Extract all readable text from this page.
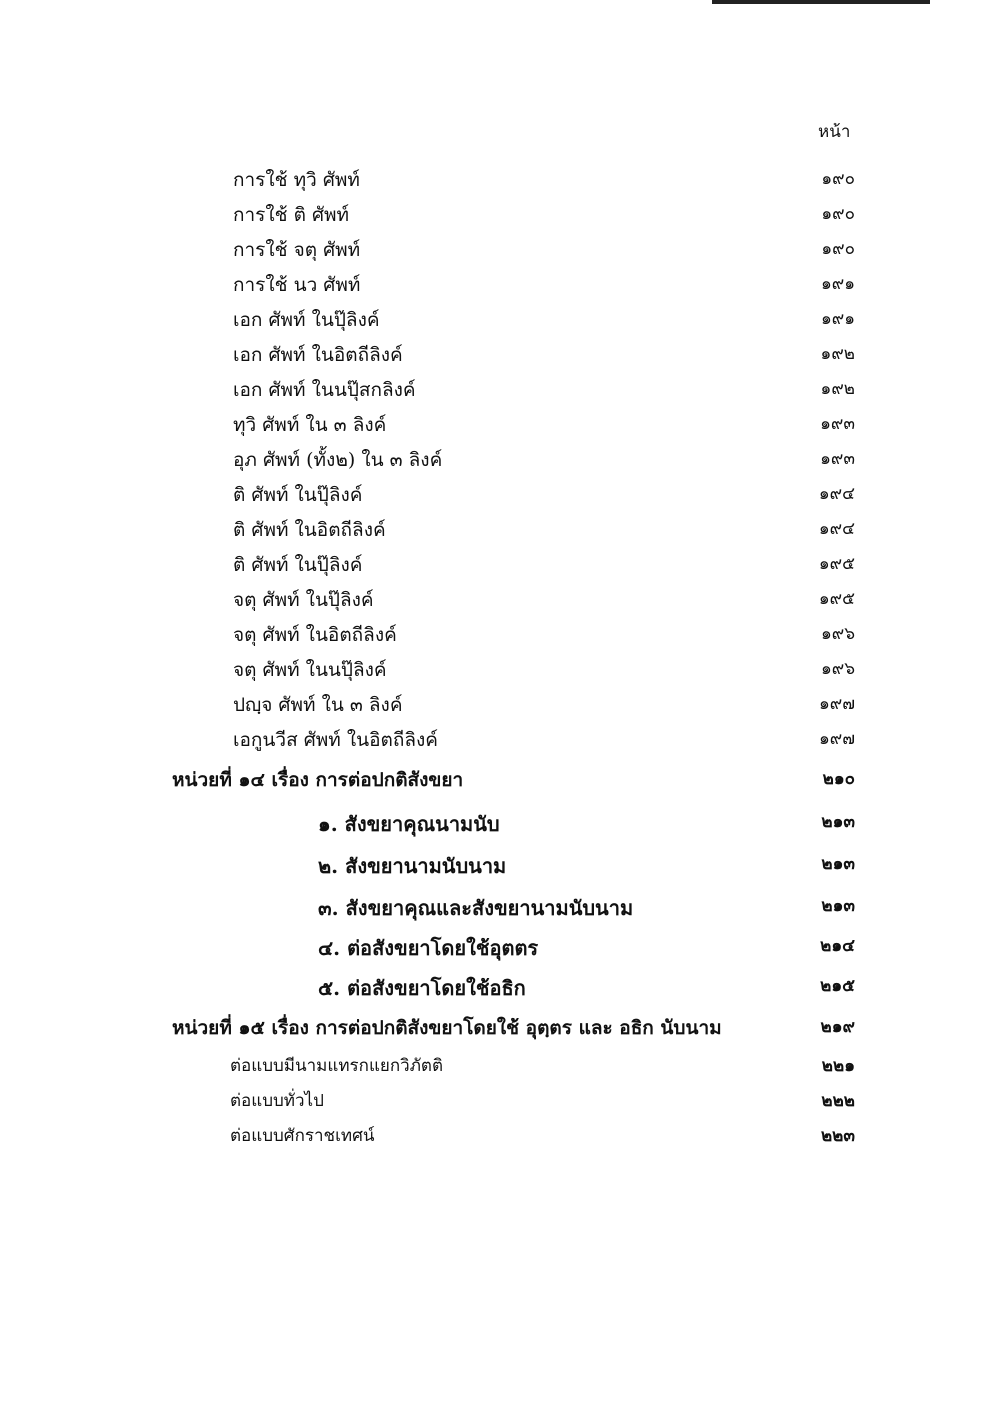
หน้า
การใช้ ทุวิ ศัพท์	๑๙๐
การใช้ ติ ศัพท์	๑๙๐
การใช้ จตุ ศัพท์	๑๙๐
การใช้ นว ศัพท์	๑๙๑
เอก ศัพท์ ในปุ๊ลิงค์	๑๙๑
เอก ศัพท์ ในอิตถีลิงค์	๑๙๒
เอก ศัพท์ ในนปุ๊สกลิงค์	๑๙๒
ทุวิ ศัพท์ ใน ๓ ลิงค์	๑๙๓
อุภ ศัพท์ (ทั้ง๒) ใน ๓ ลิงค์	๑๙๓
ติ ศัพท์ ในปุ๊ลิงค์	๑๙๔
ติ ศัพท์ ในอิตถีลิงค์	๑๙๔
ติ ศัพท์ ในปุ๊ลิงค์	๑๙๕
จตุ ศัพท์ ในปุ๊ลิงค์	๑๙๕
จตุ ศัพท์ ในอิตถีลิงค์	๑๙๖
จตุ ศัพท์ ในนปุ๊ลิงค์	๑๙๖
ปญฺจ ศัพท์ ใน ๓ ลิงค์	๑๙๗
เอกูนวีส ศัพท์ ในอิตถีลิงค์	๑๙๗
หน่วยที่ ๑๔ เรื่อง การต่อปกติสังขยา	๒๑๐
๑. สังขยาคุณนามนับ	๒๑๓
๒. สังขยานามนับนาม	๒๑๓
๓. สังขยาคุณและสังขยานามนับนาม	๒๑๓
๔. ต่อสังขยาโดยใช้อุตตร	๒๑๔
๕. ต่อสังขยาโดยใช้อธิก	๒๑๕
หน่วยที่ ๑๕ เรื่อง การต่อปกติสังขยาโดยใช้ อุตฺตร และ อธิก นับนาม	๒๑๙
ต่อแบบมีนามแทรกแยกวิภัตติ	๒๒๑
ต่อแบบทั่วไป	๒๒๒
ต่อแบบศักราชเทศน์	๒๒๓
